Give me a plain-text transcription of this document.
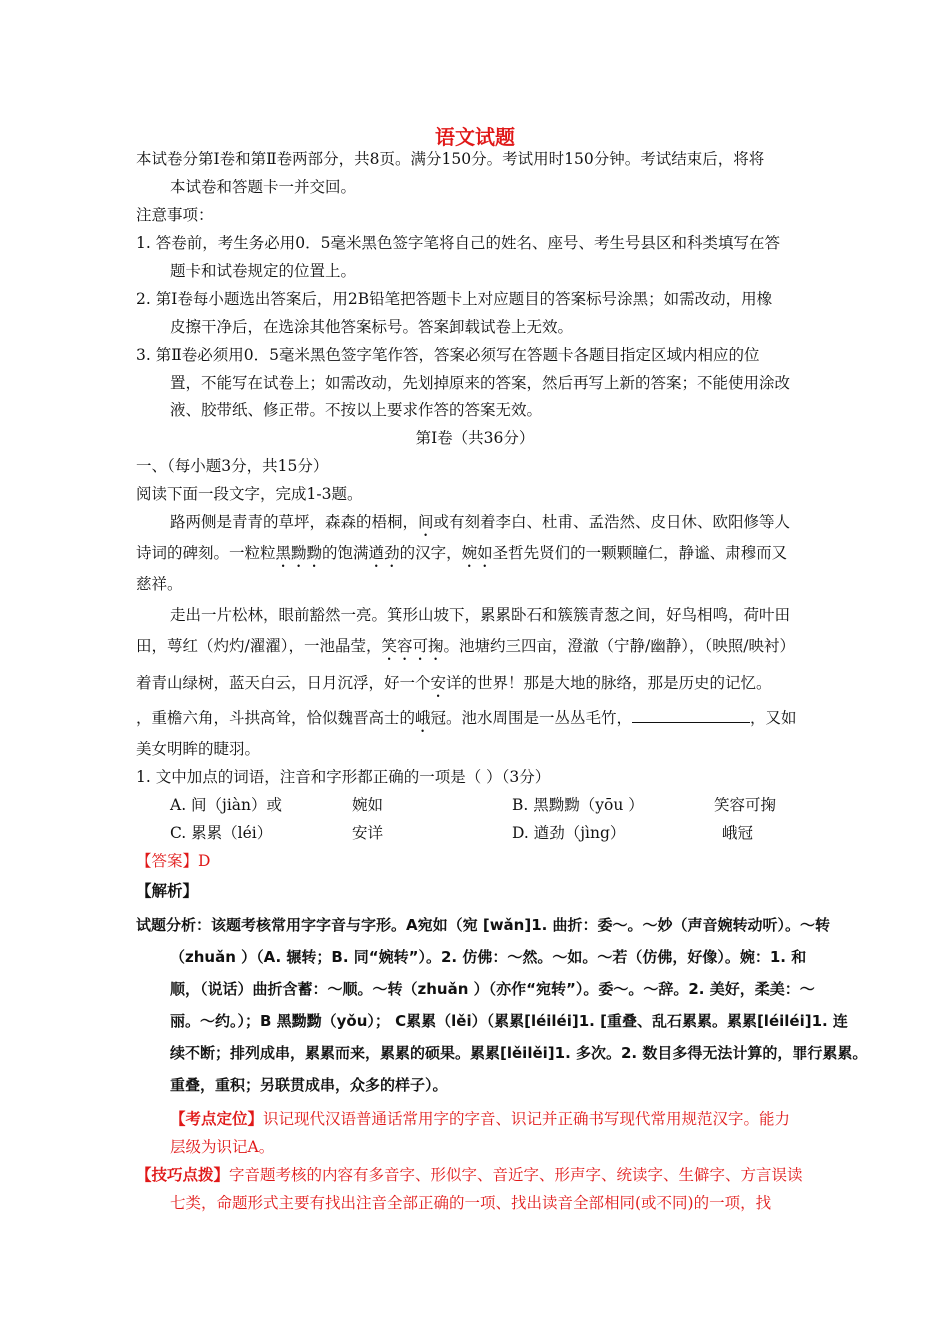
语文试题
本试卷分第Ⅰ卷和第Ⅱ卷两部分，共8页。满分150分。考试用时150分钟。考试结束后，将将
本试卷和答题卡一并交回。
注意事项：
1. 答卷前，考生务必用0．5毫米黑色签字笔将自己的姓名、座号、考生号县区和科类填写在答
题卡和试卷规定的位置上。
2. 第Ⅰ卷每小题选出答案后，用2B铅笔把答题卡上对应题目的答案标号涂黑；如需改动，用橡
皮擦干净后，在选涂其他答案标号。答案卸载试卷上无效。
3. 第Ⅱ卷必须用0．5毫米黑色签字笔作答，答案必须写在答题卡各题目指定区域内相应的位
置，不能写在试卷上；如需改动，先划掉原来的答案，然后再写上新的答案；不能使用涂改
液、胶带纸、修正带。不按以上要求作答的答案无效。
第Ⅰ卷（共36分）
一、（每小题3分，共15分）
阅读下面一段文字，完成1-3题。
路两侧是青青的草坪，森森的梧桐，间或有刻着李白、杜甫、孟浩然、皮日休、欧阳修等人
诗词的碑刻。一粒粒黑黝黝的饱满遒劲的汉字，婉如圣哲先贤们的一颗颗瞳仁，静谧、肃穆而又
慈祥。
走出一片松林，眼前豁然一亮。箕形山坡下，累累卧石和簇簇青葱之间，好鸟相鸣，荷叶田
田，萼红（灼灼/濯濯），一池晶莹，笑容可掬。池塘约三四亩，澄澈（宁静/幽静），（映照/映衬）
着青山绿树，蓝天白云，日月沉浮，好一个安详的世界！那是大地的脉络，那是历史的记忆。
，重檐六角，斗拱高耸，恰似魏晋高士的峨冠。池水周围是一丛丛毛竹，	，又如
美女明眸的睫羽。
1. 文中加点的词语，注音和字形都正确的一项是（ ）（3分）
A. 间（jiàn）或	婉如	B. 黑黝黝（yōu ）	笑容可掬
C. 累累（léi）	安详	D. 遒劲（jìng）	峨冠
【答案】D
【解析】
试题分析：该题考核常用字字音与字形。A宛如（宛 [wǎn]1. 曲折：委～。～妙（声音婉转动听）。～转
（zhuǎn ）（A. 辗转；B. 同“婉转”）。2. 仿佛：～然。～如。～若（仿佛，好像）。婉：1. 和
顺，（说话）曲折含蓄：～顺。～转（zhuǎn ）（亦作“宛转”）。委～。～辞。2. 美好，柔美：～
丽。～约。）；B 黑黝黝（yǒu）； C累累（lěi）（累累[léiléi]1. [重叠、乱石累累。累累[léiléi]1. 连
续不断；排列成串，累累而来，累累的硕果。累累[lěilěi]1. 多次。2. 数目多得无法计算的，罪行累累。
重叠，重积；另联贯成串，众多的样子）。
【考点定位】识记现代汉语普通话常用字的字音、识记并正确书写现代常用规范汉字。能力
层级为识记A。
【技巧点拨】字音题考核的内容有多音字、形似字、音近字、形声字、统读字、生僻字、方言误读
七类，命题形式主要有找出注音全部正确的一项、找出读音全部相同(或不同)的一项，找
